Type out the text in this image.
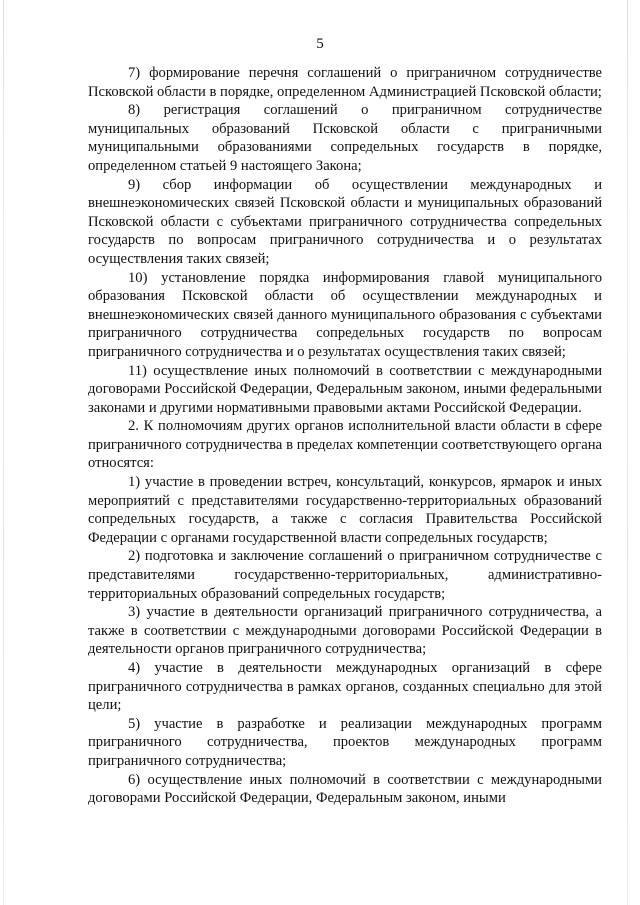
5

7) формирование перечня соглашений о приграничном сотрудничестве Псковской области в порядке, определенном Администрацией Псковской области;

8) регистрация соглашений о приграничном сотрудничестве муниципальных образований Псковской области с приграничными муниципальными образованиями сопредельных государств в порядке, определенном статьей 9 настоящего Закона;

9) сбор информации об осуществлении международных и внешнеэкономических связей Псковской области и муниципальных образований Псковской области с субъектами приграничного сотрудничества сопредельных государств по вопросам приграничного сотрудничества и о результатах осуществления таких связей;

10) установление порядка информирования главой муниципального образования Псковской области об осуществлении международных и внешнеэкономических связей данного муниципального образования с субъектами приграничного сотрудничества сопредельных государств по вопросам приграничного сотрудничества и о результатах осуществления таких связей;

11) осуществление иных полномочий в соответствии с международными договорами Российской Федерации, Федеральным законом, иными федеральными законами и другими нормативными правовыми актами Российской Федерации.

2. К полномочиям других органов исполнительной власти области в сфере приграничного сотрудничества в пределах компетенции соответствующего органа относятся:

1) участие в проведении встреч, консультаций, конкурсов, ярмарок и иных мероприятий с представителями государственно-территориальных образований сопредельных государств, а также с согласия Правительства Российской Федерации с органами государственной власти сопредельных государств;

2) подготовка и заключение соглашений о приграничном сотрудничестве с представителями государственно-территориальных, административно-территориальных образований сопредельных государств;

3) участие в деятельности организаций приграничного сотрудничества, а также в соответствии с международными договорами Российской Федерации в деятельности органов приграничного сотрудничества;

4) участие в деятельности международных организаций в сфере приграничного сотрудничества в рамках органов, созданных специально для этой цели;

5) участие в разработке и реализации международных программ приграничного сотрудничества, проектов международных программ приграничного сотрудничества;

6) осуществление иных полномочий в соответствии с международными договорами Российской Федерации, Федеральным законом, иными
